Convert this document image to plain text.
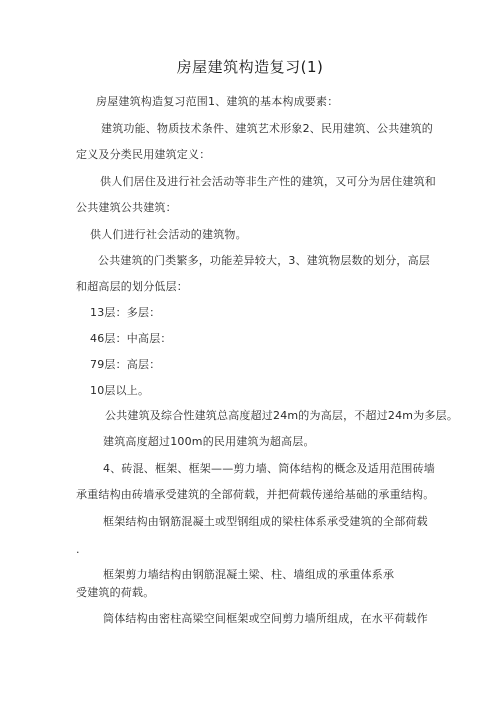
房屋建筑构造复习(1)
房屋建筑构造复习范围1、建筑的基本构成要素：
建筑功能、物质技术条件、建筑艺术形象2、民用建筑、公共建筑的
定义及分类民用建筑定义：
供人们居住及进行社会活动等非生产性的建筑，又可分为居住建筑和
公共建筑公共建筑：
供人们进行社会活动的建筑物。
公共建筑的门类繁多，功能差异较大，3、建筑物层数的划分，高层
和超高层的划分低层：
13层：多层：
46层：中高层：
79层：高层：
10层以上。
公共建筑及综合性建筑总高度超过24m的为高层，不超过24m为多层。
建筑高度超过100m的民用建筑为超高层。
4、砖混、框架、框架——剪力墙、筒体结构的概念及适用范围砖墙
承重结构由砖墙承受建筑的全部荷载，并把荷载传递给基础的承重结构。
框架结构由钢筋混凝土或型钢组成的梁柱体系承受建筑的全部荷载
.
框架剪力墙结构由钢筋混凝土梁、柱、墙组成的承重体系承
受建筑的荷载。
筒体结构由密柱高梁空间框架或空间剪力墙所组成，在水平荷载作
